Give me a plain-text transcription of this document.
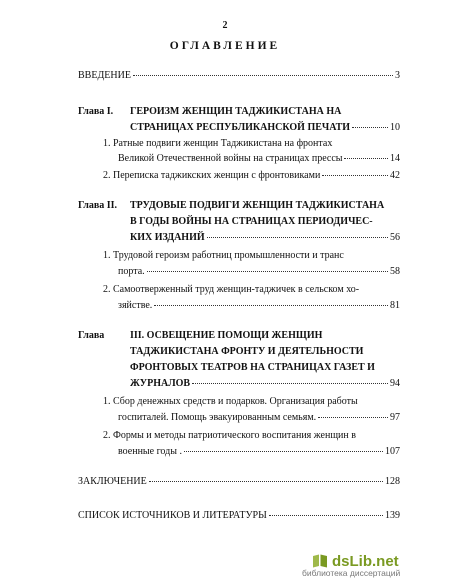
2
ОГЛАВЛЕНИЕ
ВВЕДЕНИЕ	3
Глава I. ГЕРОИЗМ ЖЕНЩИН ТАДЖИКИСТАНА НА
СТРАНИЦАХ РЕСПУБЛИКАНСКОЙ ПЕЧАТИ	10
1. Ратные подвиги женщин Таджикистана на фронтах
Великой Отечественной войны на страницах прессы	14
2. Переписка таджикских женщин с фронтовиками	42
Глава II. ТРУДОВЫЕ ПОДВИГИ ЖЕНЩИН ТАДЖИКИСТАНА
В ГОДЫ ВОЙНЫ НА СТРАНИЦАХ ПЕРИОДИЧЕС-
КИХ ИЗДАНИЙ	56
1. Трудовой героизм работниц промышленности и транс
порта.	58
2. Самоотверженный труд женщин-таджичек в сельском хо-
зяйстве.	81
Глава	III. ОСВЕЩЕНИЕ ПОМОЩИ ЖЕНЩИН
ТАДЖИКИСТАНА ФРОНТУ И ДЕЯТЕЛЬНОСТИ
ФРОНТОВЫХ ТЕАТРОВ НА СТРАНИЦАХ ГАЗЕТ И
ЖУРНАЛОВ	94
1. Сбор денежных средств и подарков. Организация работы
госпиталей. Помощь эвакуированным семьям.	97
2. Формы и методы патриотического воспитания женщин в
военные годы .	107
ЗАКЛЮЧЕНИЕ	128
СПИСОК ИСТОЧНИКОВ И ЛИТЕРАТУРЫ	139
dsLib.net
библиотека диссертаций
